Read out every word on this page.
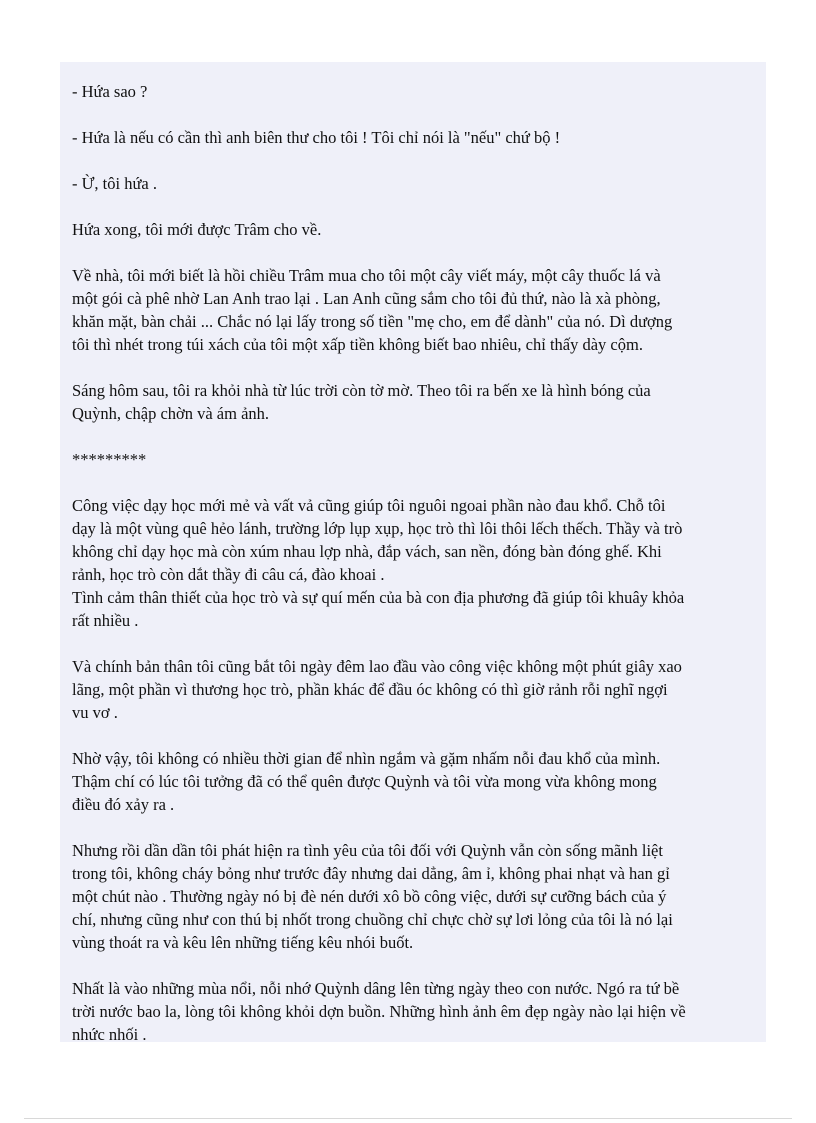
- Hứa sao ?
- Hứa là nếu có cần thì anh biên thư cho tôi ! Tôi chỉ nói là "nếu" chứ bộ !
- Ừ, tôi hứa .
Hứa xong, tôi mới được Trâm cho về.
Về nhà, tôi mới biết là hồi chiều Trâm mua cho tôi một cây viết máy, một cây thuốc lá và
một gói cà phê nhờ Lan Anh trao lại . Lan Anh cũng sắm cho tôi đủ thứ, nào là xà phòng,
khăn mặt, bàn chải ... Chắc nó lại lấy trong số tiền "mẹ cho, em để dành" của nó. Dì dượng
tôi thì nhét trong túi xách của tôi một xấp tiền không biết bao nhiêu, chỉ thấy dày cộm.
Sáng hôm sau, tôi ra khỏi nhà từ lúc trời còn tờ mờ. Theo tôi ra bến xe là hình bóng của
Quỳnh, chập chờn và ám ảnh.
*********
Công việc dạy học mới mẻ và vất vả cũng giúp tôi nguôi ngoai phần nào đau khổ. Chỗ tôi
dạy là một vùng quê hẻo lánh, trường lớp lụp xụp, học trò thì lôi thôi lếch thếch. Thầy và trò
không chỉ dạy học mà còn xúm nhau lợp nhà, đắp vách, san nền, đóng bàn đóng ghế. Khi
rảnh, học trò còn dắt thầy đi câu cá, đào khoai .
Tình cảm thân thiết của học trò và sự quí mến của bà con địa phương đã giúp tôi khuây khỏa
rất nhiều .
Và chính bản thân tôi cũng bắt tôi ngày đêm lao đầu vào công việc không một phút giây xao
lãng, một phần vì thương học trò, phần khác để đầu óc không có thì giờ rảnh rỗi nghĩ ngợi
vu vơ .
Nhờ vậy, tôi không có nhiều thời gian để nhìn ngắm và gặm nhấm nỗi đau khổ của mình.
Thậm chí có lúc tôi tưởng đã có thể quên được Quỳnh và tôi vừa mong vừa không mong
điều đó xảy ra .
Nhưng rồi dần dần tôi phát hiện ra tình yêu của tôi đối với Quỳnh vẫn còn sống mãnh liệt
trong tôi, không cháy bỏng như trước đây nhưng dai dẳng, âm ỉ, không phai nhạt và han gỉ
một chút nào . Thường ngày nó bị đè nén dưới xô bồ công việc, dưới sự cưỡng bách của ý
chí, nhưng cũng như con thú bị nhốt trong chuồng chỉ chực chờ sự lơi lỏng của tôi là nó lại
vùng thoát ra và kêu lên những tiếng kêu nhói buốt.
Nhất là vào những mùa nổi, nỗi nhớ Quỳnh dâng lên từng ngày theo con nước. Ngó ra tứ bề
trời nước bao la, lòng tôi không khỏi dợn buồn. Những hình ảnh êm đẹp ngày nào lại hiện về
nhức nhối .
